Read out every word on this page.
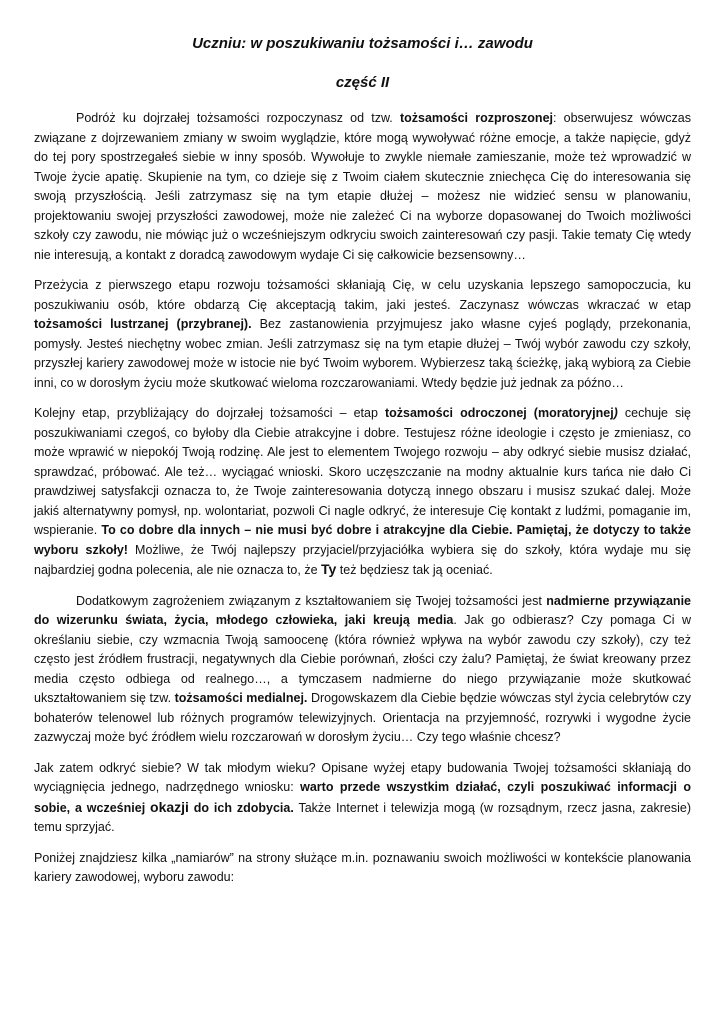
Uczniu: w poszukiwaniu tożsamości i… zawodu
część II

Podróż ku dojrzałej tożsamości rozpoczynasz od tzw. tożsamości rozproszonej: obserwujesz wówczas związane z dojrzewaniem zmiany w swoim wyglądzie, które mogą wywoływać różne emocje, a także napięcie, gdyż do tej pory spostrzegałeś siebie w inny sposób. Wywołuje to zwykle niemałe zamieszanie, może też wprowadzić w Twoje życie apatię. Skupienie na tym, co dzieje się z Twoim ciałem skutecznie zniechęca Cię do interesowania się swoją przyszłością. Jeśli zatrzymasz się na tym etapie dłużej – możesz nie widzieć sensu w planowaniu, projektowaniu swojej przyszłości zawodowej, może nie zależeć Ci na wyborze dopasowanej do Twoich możliwości szkoły czy zawodu, nie mówiąc już o wcześniejszym odkryciu swoich zainteresowań czy pasji. Takie tematy Cię wtedy nie interesują, a kontakt z doradcą zawodowym wydaje Ci się całkowicie bezsensowny…

Przeżycia z pierwszego etapu rozwoju tożsamości skłaniają Cię, w celu uzyskania lepszego samopoczucia, ku poszukiwaniu osób, które obdarzą Cię akceptacją takim, jaki jesteś. Zaczynasz wówczas wkraczać w etap tożsamości lustrzanej (przybranej). Bez zastanowienia przyjmujesz jako własne cyjeś poglądy, przekonania, pomysły. Jesteś niechętny wobec zmian. Jeśli zatrzymasz się na tym etapie dłużej – Twój wybór zawodu czy szkoły, przyszłej kariery zawodowej może w istocie nie być Twoim wyborem. Wybierzesz taką ścieżkę, jaką wybiorą za Ciebie inni, co w dorosłym życiu może skutkować wieloma rozczarowaniami. Wtedy będzie już jednak za późno…

Kolejny etap, przybliżający do dojrzałej tożsamości – etap tożsamości odroczonej (moratoryjnej) cechuje się poszukiwaniami czegoś, co byłoby dla Ciebie atrakcyjne i dobre. Testujesz różne ideologie i często je zmieniasz, co może wprawić w niepokój Twoją rodzinę. Ale jest to elementem Twojego rozwoju – aby odkryć siebie musisz działać, sprawdzać, próbować. Ale też… wyciągać wnioski. Skoro uczęszczanie na modny aktualnie kurs tańca nie dało Ci prawdziwej satysfakcji oznacza to, że Twoje zainteresowania dotyczą innego obszaru i musisz szukać dalej. Może jakiś alternatywny pomysł, np. wolontariat, pozwoli Ci nagle odkryć, że interesuje Cię kontakt z ludźmi, pomaganie im, wspieranie. To co dobre dla innych – nie musi być dobre i atrakcyjne dla Ciebie. Pamiętaj, że dotyczy to także wyboru szkoły! Możliwe, że Twój najlepszy przyjaciel/przyjaciółka wybiera się do szkoły, która wydaje mu się najbardziej godna polecenia, ale nie oznacza to, że Ty też będziesz tak ją oceniać.

Dodatkowym zagrożeniem związanym z kształtowaniem się Twojej tożsamości jest nadmierne przywiązanie do wizerunku świata, życia, młodego człowieka, jaki kreują media. Jak go odbierasz? Czy pomaga Ci w określaniu siebie, czy wzmacnia Twoją samoocenę (która również wpływa na wybór zawodu czy szkoły), czy też często jest źródłem frustracji, negatywnych dla Ciebie porównań, złości czy żalu? Pamiętaj, że świat kreowany przez media często odbiega od realnego…, a tymczasem nadmierne do niego przywiązanie może skutkować ukształtowaniem się tzw. tożsamości medialnej. Drogowskazem dla Ciebie będzie wówczas styl życia celebrytów czy bohaterów telenowel lub różnych programów telewizyjnych. Orientacja na przyjemność, rozrywki i wygodne życie zazwyczaj może być źródłem wielu rozczarowań w dorosłym życiu… Czy tego właśnie chcesz?

Jak zatem odkryć siebie? W tak młodym wieku? Opisane wyżej etapy budowania Twojej tożsamości skłaniają do wyciągnięcia jednego, nadrzędnego wniosku: warto przede wszystkim działać, czyli poszukiwać informacji o sobie, a wcześniej okazji do ich zdobycia. Także Internet i telewizja mogą (w rozsądnym, rzecz jasna, zakresie) temu sprzyjać.

Poniżej znajdziesz kilka „namiarów” na strony służące m.in. poznawaniu swoich możliwości w kontekście planowania kariery zawodowej, wyboru zawodu:
